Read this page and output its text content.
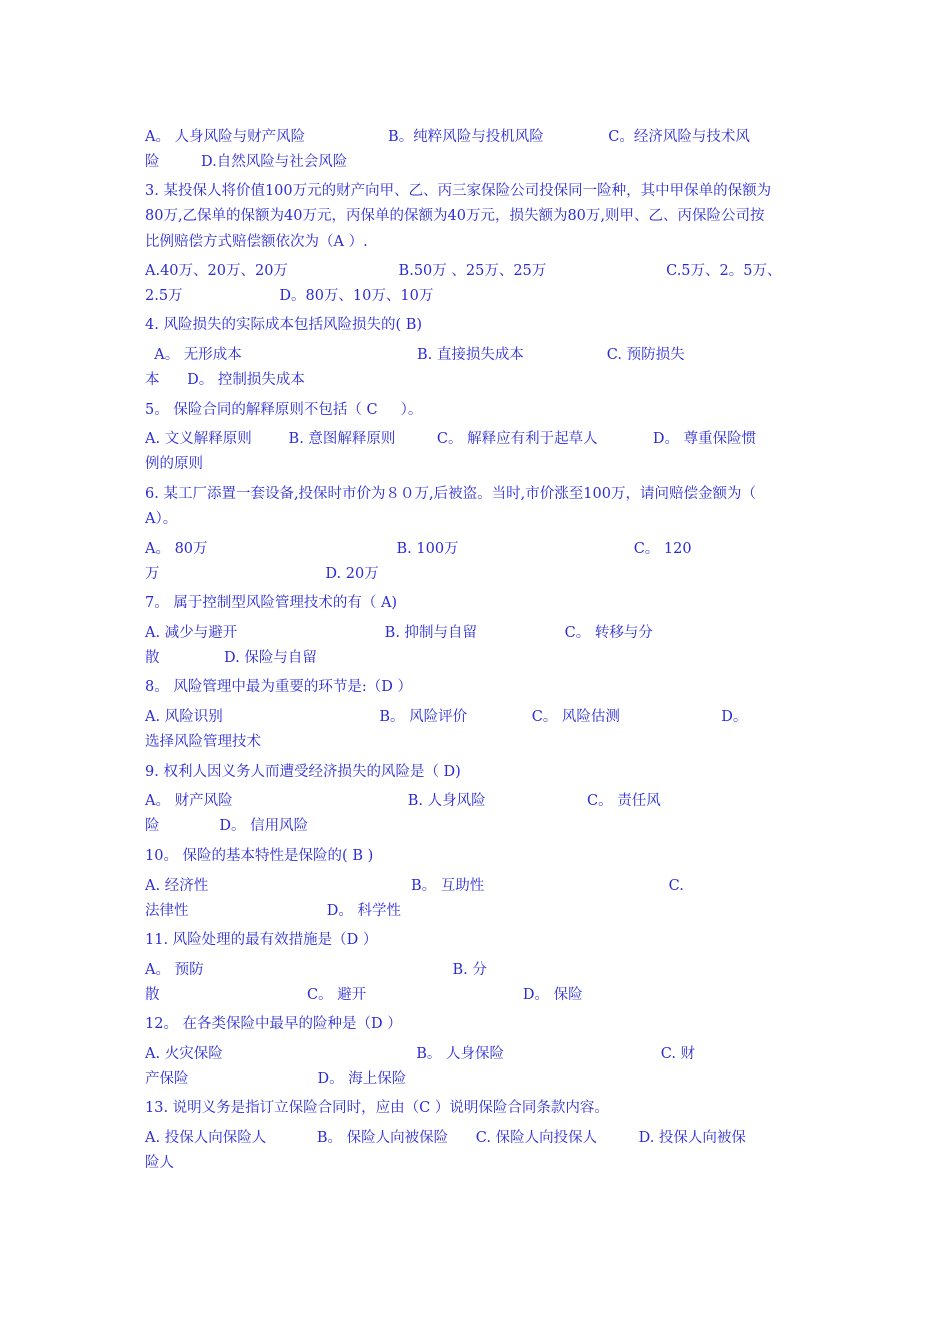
A。 人身风险与财产风险                  B。纯粹风险与投机风险              C。经济风险与技术风
险         D.自然风险与社会风险
3. 某投保人将价值100万元的财产向甲、乙、丙三家保险公司投保同一险种，其中甲保单的保额为
80万,乙保单的保额为40万元，丙保单的保额为40万元，损失额为80万,则甲、乙、丙保险公司按
比例赔偿方式赔偿额依次为（A ）.
A.40万、20万、20万                        B.50万 、25万、25万                          C.5万、2。5万、
2.5万                     D。80万、10万、10万
4. 风险损失的实际成本包括风险损失的( B)
A。 无形成本                                      B. 直接损失成本                  C. 预防损失
本      D。 控制损失成本
5。 保险合同的解释原则不包括（ C     ）。
A. 文义解释原则        B. 意图解释原则         C。 解释应有利于起草人            D。 尊重保险惯
例的原则
6. 某工厂添置一套设备,投保时市价为８０万,后被盗。当时,市价涨至100万，请问赔偿金额为（
A）。
A。 80万                                         B. 100万                                      C。 120
万                                    D. 20万
7。 属于控制型风险管理技术的有（ A)
A. 减少与避开                                B. 抑制与自留                   C。 转移与分
散              D. 保险与自留
8。 风险管理中最为重要的环节是:（D ）
A. 风险识别                                  B。 风险评价              C。 风险估测                      D。
选择风险管理技术
9. 权利人因义务人而遭受经济损失的风险是（ D)
A。 财产风险                                      B. 人身风险                      C。 责任风
险             D。 信用风险
10。 保险的基本特性是保险的( B )
A. 经济性                                            B。 互助性                                        C.
法律性                              D。 科学性
11. 风险处理的最有效措施是（D ）
A。 预防                                                      B. 分
散                                C。 避开                                  D。 保险
12。 在各类保险中最早的险种是（D ）
A. 火灾保险                                          B。 人身保险                                  C. 财
产保险                            D。 海上保险
13. 说明义务是指订立保险合同时，应由（C ）说明保险合同条款内容。
A. 投保人向保险人           B。 保险人向被保险      C. 保险人向投保人         D. 投保人向被保
险人
